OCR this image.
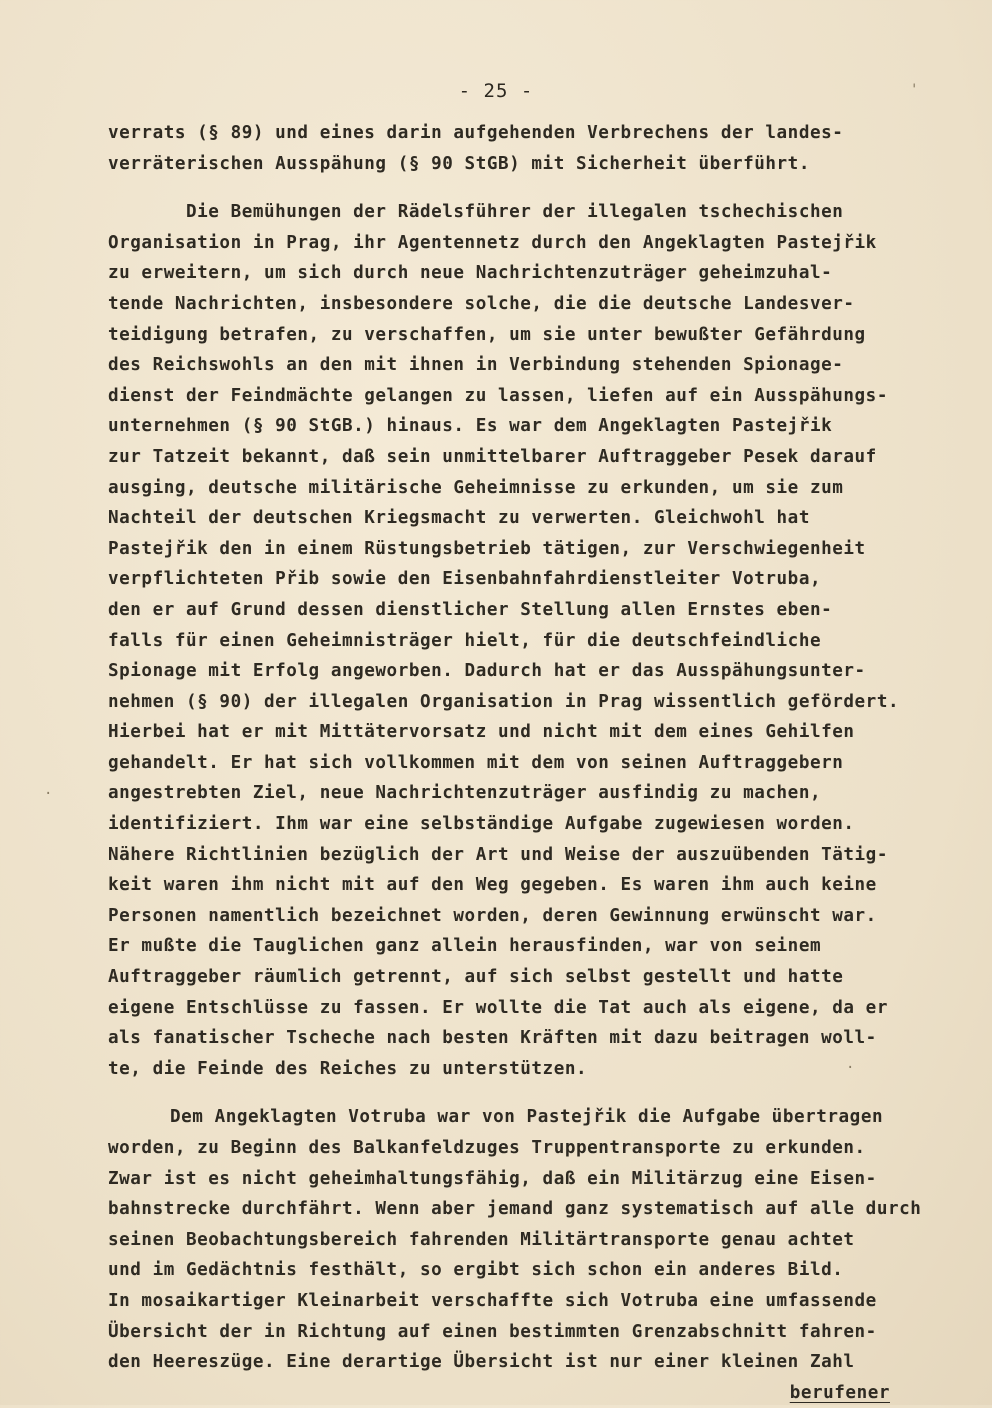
- 25 -	'
·
·
verrats (§ 89) und eines darin aufgehenden Verbrechens der landes-
verräterischen Ausspähung (§ 90 StGB) mit Sicherheit überführt.
Die Bemühungen der Rädelsführer der illegalen tschechischen
Organisation in Prag, ihr Agentennetz durch den Angeklagten Pastejřik
zu erweitern, um sich durch neue Nachrichtenzuträger geheimzuhal-
tende Nachrichten, insbesondere solche, die die deutsche Landesver-
teidigung betrafen, zu verschaffen, um sie unter bewußter Gefährdung
des Reichswohls an den mit ihnen in Verbindung stehenden Spionage-
dienst der Feindmächte gelangen zu lassen, liefen auf ein Ausspähungs-
unternehmen (§ 90 StGB.) hinaus. Es war dem Angeklagten Pastejřik
zur Tatzeit bekannt, daß sein unmittelbarer Auftraggeber Pesek darauf
ausging, deutsche militärische Geheimnisse zu erkunden, um sie zum
Nachteil der deutschen Kriegsmacht zu verwerten. Gleichwohl hat
Pastejřik den in einem Rüstungsbetrieb tätigen, zur Verschwiegenheit
verpflichteten Přib sowie den Eisenbahnfahrdienstleiter Votruba,
den er auf Grund dessen dienstlicher Stellung allen Ernstes eben-
falls für einen Geheimnisträger hielt, für die deutschfeindliche
Spionage mit Erfolg angeworben. Dadurch hat er das Ausspähungsunter-
nehmen (§ 90) der illegalen Organisation in Prag wissentlich gefördert.
Hierbei hat er mit Mittätervorsatz und nicht mit dem eines Gehilfen
gehandelt. Er hat sich vollkommen mit dem von seinen Auftraggebern
angestrebten Ziel, neue Nachrichtenzuträger ausfindig zu machen,
identifiziert. Ihm war eine selbständige Aufgabe zugewiesen worden.
Nähere Richtlinien bezüglich der Art und Weise der auszuübenden Tätig-
keit waren ihm nicht mit auf den Weg gegeben. Es waren ihm auch keine
Personen namentlich bezeichnet worden, deren Gewinnung erwünscht war.
Er mußte die Tauglichen ganz allein herausfinden, war von seinem
Auftraggeber räumlich getrennt, auf sich selbst gestellt und hatte
eigene Entschlüsse zu fassen. Er wollte die Tat auch als eigene, da er
als fanatischer Tscheche nach besten Kräften mit dazu beitragen woll-
te, die Feinde des Reiches zu unterstützen.
Dem Angeklagten Votruba war von Pastejřik die Aufgabe übertragen
worden, zu Beginn des Balkanfeldzuges Truppentransporte zu erkunden.
Zwar ist es nicht geheimhaltungsfähig, daß ein Militärzug eine Eisen-
bahnstrecke durchfährt. Wenn aber jemand ganz systematisch auf alle durch
seinen Beobachtungsbereich fahrenden Militärtransporte genau achtet
und im Gedächtnis festhält, so ergibt sich schon ein anderes Bild.
In mosaikartiger Kleinarbeit verschaffte sich Votruba eine umfassende
Übersicht der in Richtung auf einen bestimmten Grenzabschnitt fahren-
den Heereszüge. Eine derartige Übersicht ist nur einer kleinen Zahl
berufener
